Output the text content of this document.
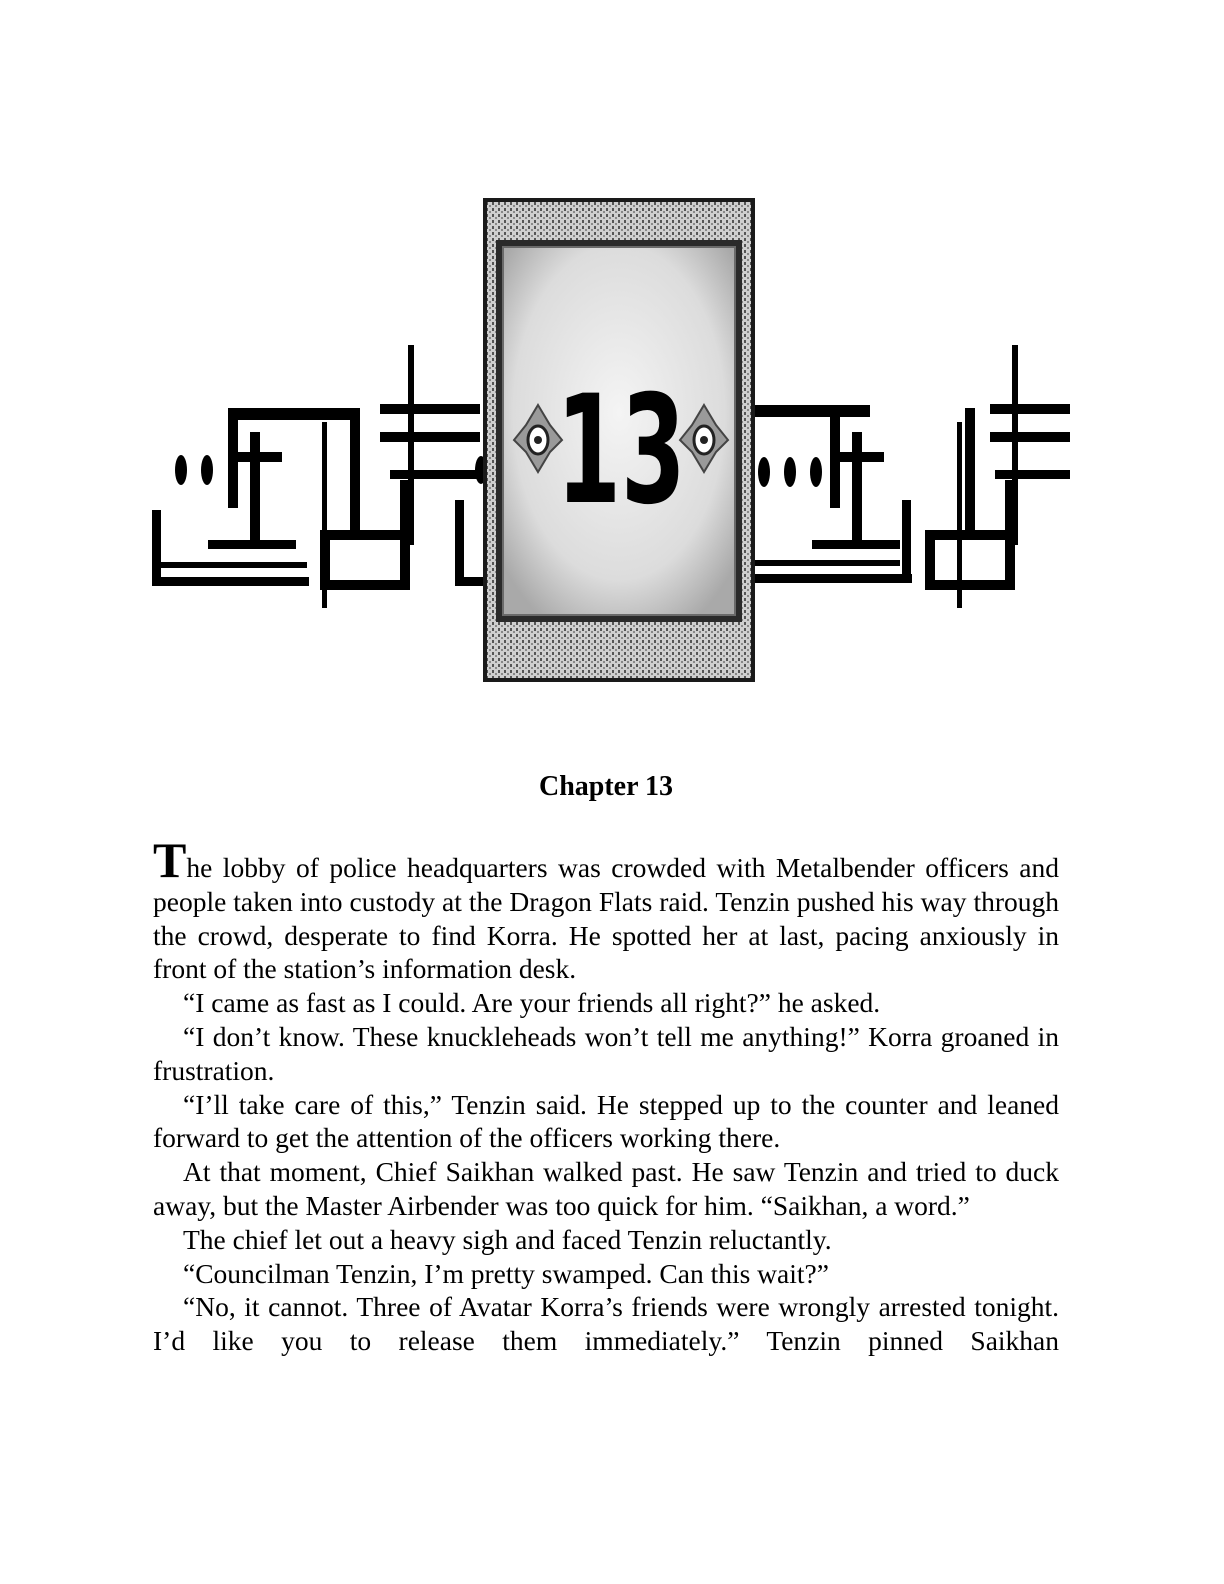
13
Chapter 13

The lobby of police headquarters was crowded with Metalbender officers and people taken into custody at the Dragon Flats raid. Tenzin pushed his way through the crowd, desperate to find Korra. He spotted her at last, pacing anxiously in front of the station’s information desk.

“I came as fast as I could. Are your friends all right?” he asked.

“I don’t know. These knuckleheads won’t tell me anything!” Korra groaned in frustration.

“I’ll take care of this,” Tenzin said. He stepped up to the counter and leaned forward to get the attention of the officers working there.

At that moment, Chief Saikhan walked past. He saw Tenzin and tried to duck away, but the Master Airbender was too quick for him. “Saikhan, a word.”

The chief let out a heavy sigh and faced Tenzin reluctantly.

“Councilman Tenzin, I’m pretty swamped. Can this wait?”

“No, it cannot. Three of Avatar Korra’s friends were wrongly arrested tonight. I’d like you to release them immediately.” Tenzin pinned Saikhan
